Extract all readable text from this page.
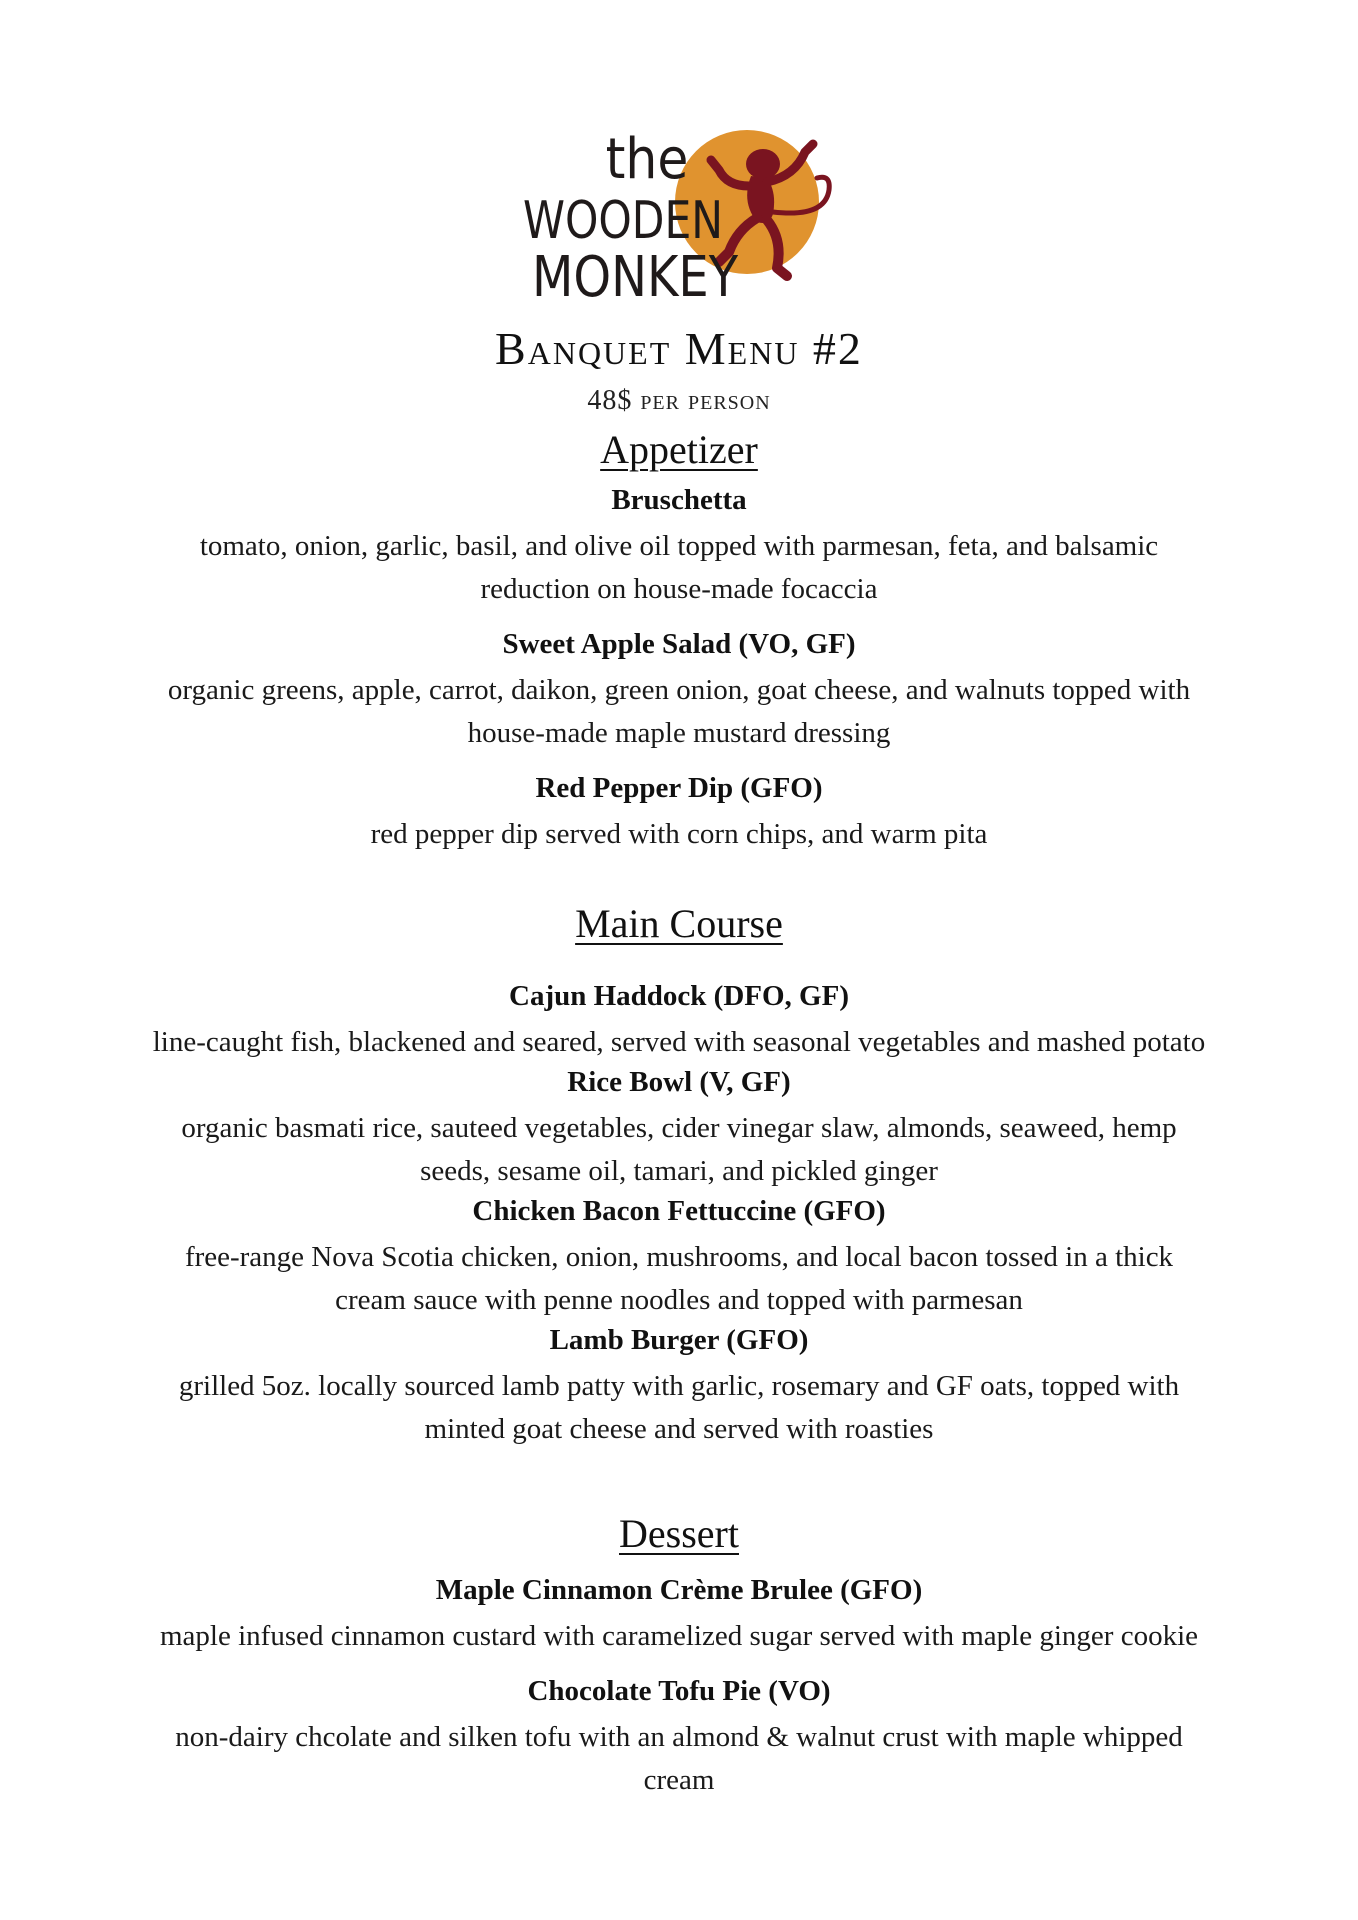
the
WOODEN
MONKEY
Banquet Menu #2
48$ per person
Appetizer
Bruschetta
tomato, onion, garlic, basil, and olive oil topped with parmesan, feta, and balsamic
reduction on house-made focaccia
Sweet Apple Salad (VO, GF)
organic greens, apple, carrot, daikon, green onion, goat cheese, and walnuts topped with
house-made maple mustard dressing
Red Pepper Dip (GFO)
red pepper dip served with corn chips, and warm pita
Main Course
Cajun Haddock (DFO, GF)
line-caught fish, blackened and seared, served with seasonal vegetables and mashed potato
Rice Bowl (V, GF)
organic basmati rice, sauteed vegetables, cider vinegar slaw, almonds, seaweed, hemp
seeds, sesame oil, tamari, and pickled ginger
Chicken Bacon Fettuccine (GFO)
free-range Nova Scotia chicken, onion, mushrooms, and local bacon tossed in a thick
cream sauce with penne noodles and topped with parmesan
Lamb Burger (GFO)
grilled 5oz. locally sourced lamb patty with garlic, rosemary and GF oats, topped with
minted goat cheese and served with roasties
Dessert
Maple Cinnamon Crème Brulee (GFO)
maple infused cinnamon custard with caramelized sugar served with maple ginger cookie
Chocolate Tofu Pie (VO)
non-dairy chcolate and silken tofu with an almond & walnut crust with maple whipped
cream
